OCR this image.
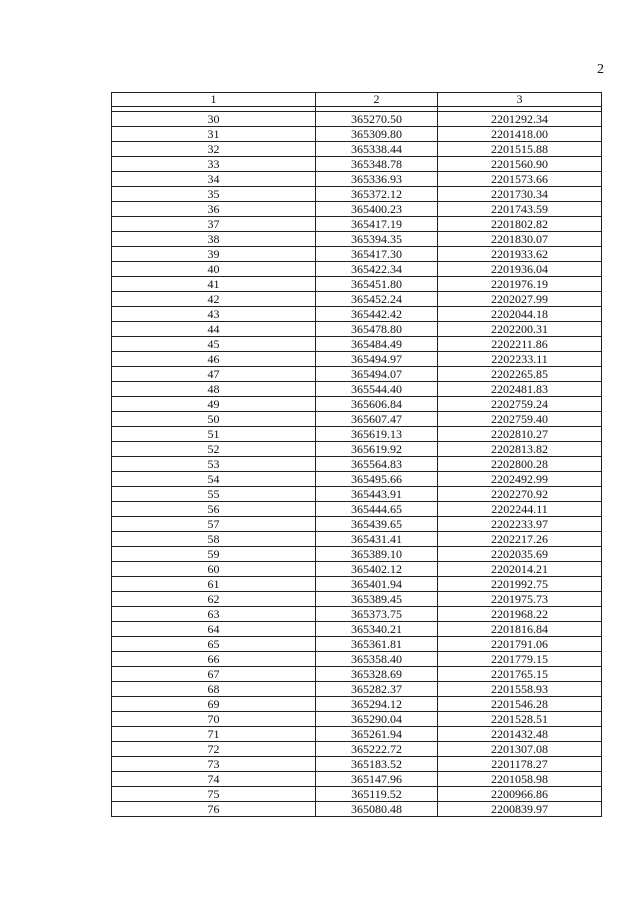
2
1	2	3

30	365270.50	2201292.34
31	365309.80	2201418.00
32	365338.44	2201515.88
33	365348.78	2201560.90
34	365336.93	2201573.66
35	365372.12	2201730.34
36	365400.23	2201743.59
37	365417.19	2201802.82
38	365394.35	2201830.07
39	365417.30	2201933.62
40	365422.34	2201936.04
41	365451.80	2201976.19
42	365452.24	2202027.99
43	365442.42	2202044.18
44	365478.80	2202200.31
45	365484.49	2202211.86
46	365494.97	2202233.11
47	365494.07	2202265.85
48	365544.40	2202481.83
49	365606.84	2202759.24
50	365607.47	2202759.40
51	365619.13	2202810.27
52	365619.92	2202813.82
53	365564.83	2202800.28
54	365495.66	2202492.99
55	365443.91	2202270.92
56	365444.65	2202244.11
57	365439.65	2202233.97
58	365431.41	2202217.26
59	365389.10	2202035.69
60	365402.12	2202014.21
61	365401.94	2201992.75
62	365389.45	2201975.73
63	365373.75	2201968.22
64	365340.21	2201816.84
65	365361.81	2201791.06
66	365358.40	2201779.15
67	365328.69	2201765.15
68	365282.37	2201558.93
69	365294.12	2201546.28
70	365290.04	2201528.51
71	365261.94	2201432.48
72	365222.72	2201307.08
73	365183.52	2201178.27
74	365147.96	2201058.98
75	365119.52	2200966.86
76	365080.48	2200839.97
